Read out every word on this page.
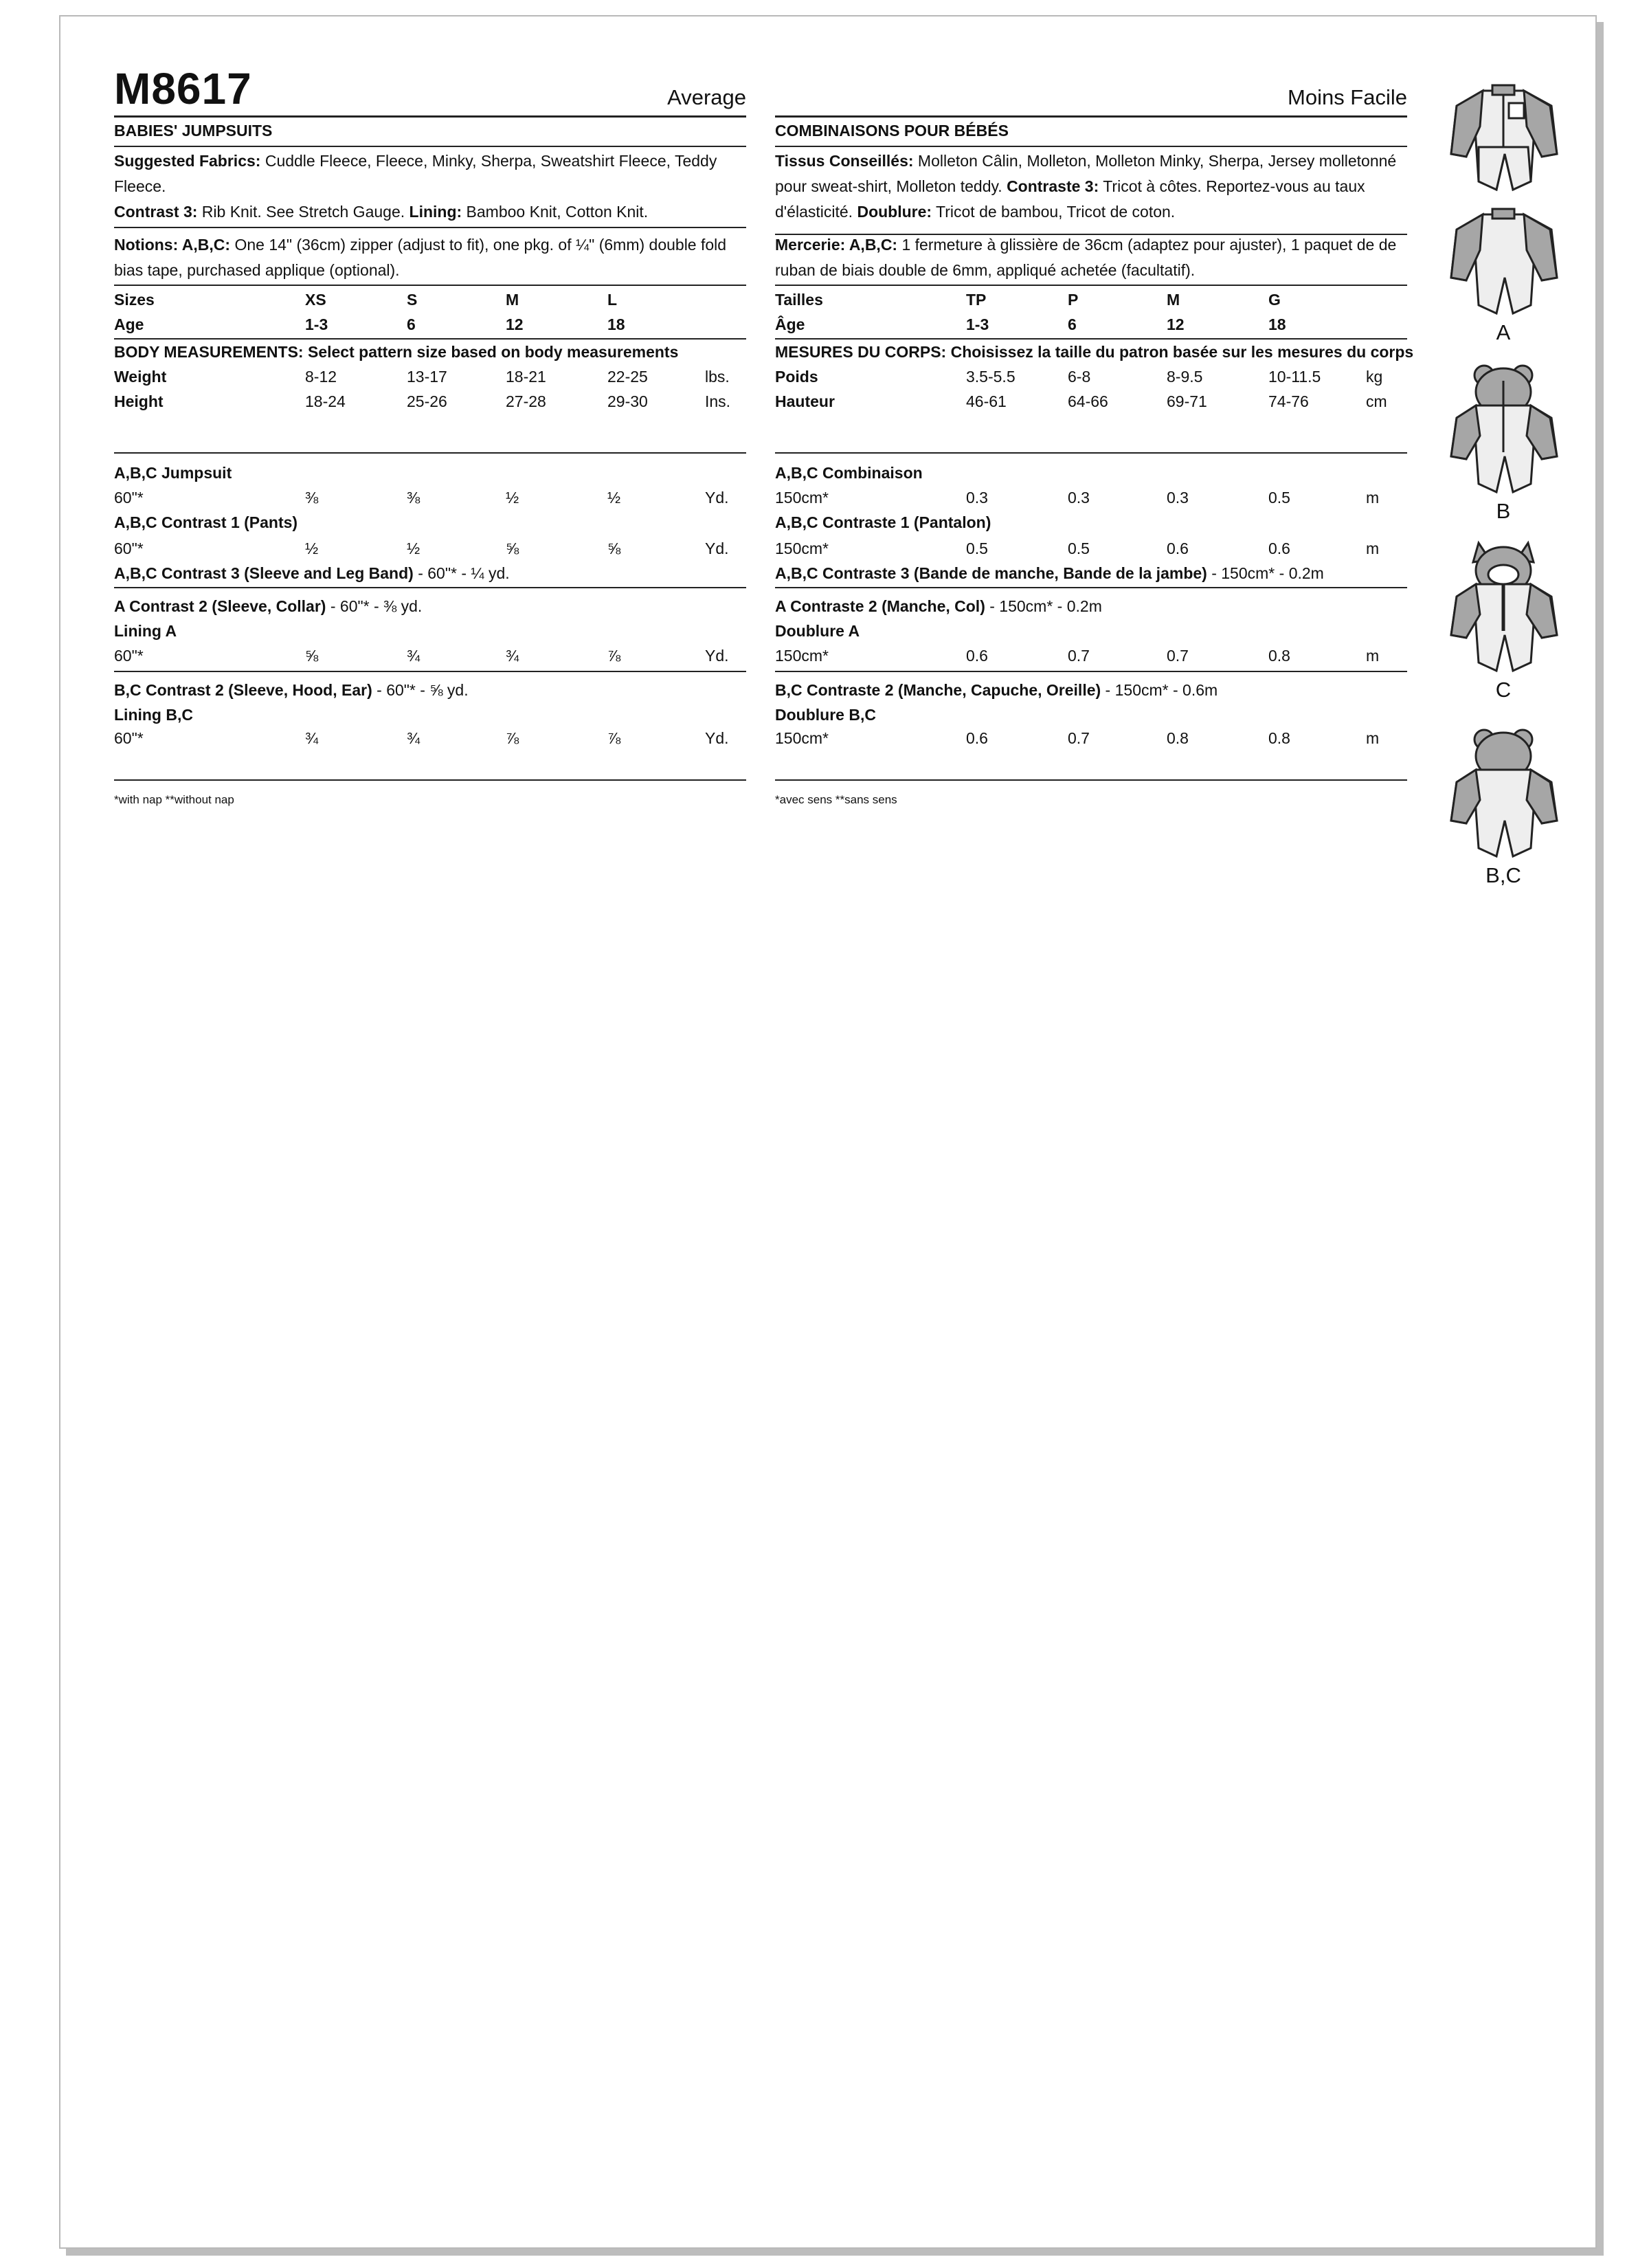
M8617	Average
BABIES' JUMPSUITS
Suggested Fabrics: Cuddle Fleece, Fleece, Minky, Sherpa, Sweatshirt Fleece, Teddy Fleece.
Contrast 3: Rib Knit. See Stretch Gauge. Lining: Bamboo Knit, Cotton Knit.
Notions: A,B,C: One 14" (36cm) zipper (adjust to fit), one pkg. of ¼" (6mm) double fold bias tape, purchased applique (optional).
Sizes	XS	S	M	L
Age	1-3	6	12	18
BODY MEASUREMENTS: Select pattern size based on body measurements
Weight	8-12	13-17	18-21	22-25	lbs.
Height	18-24	25-26	27-28	29-30	Ins.
A,B,C Jumpsuit
60"*	⅜	⅜	½	½	Yd.
A,B,C Contrast 1 (Pants)
60"*	½	½	⅝	⅝	Yd.
A,B,C Contrast 3 (Sleeve and Leg Band) - 60"* - ¼ yd.
A Contrast 2 (Sleeve, Collar) - 60"* - ⅜ yd.
Lining A
60"*	⅝	¾	¾	⅞	Yd.
B,C Contrast 2 (Sleeve, Hood, Ear) - 60"* - ⅝ yd.
Lining B,C
60"*	¾	¾	⅞	⅞	Yd.
*with nap **without nap
Moins Facile
COMBINAISONS POUR BÉBÉS
Tissus Conseillés: Molleton Câlin, Molleton, Molleton Minky, Sherpa, Jersey molletonné pour sweat-shirt, Molleton teddy. Contraste 3: Tricot à côtes. Reportez-vous au taux d'élasticité. Doublure: Tricot de bambou, Tricot de coton.
Mercerie: A,B,C: 1 fermeture à glissière de 36cm (adaptez pour ajuster), 1 paquet de de ruban de biais double de 6mm, appliqué achetée (facultatif).
Tailles	TP	P	M	G
Âge	1-3	6	12	18
MESURES DU CORPS: Choisissez la taille du patron basée sur les mesures du corps
Poids	3.5-5.5	6-8	8-9.5	10-11.5	kg
Hauteur	46-61	64-66	69-71	74-76	cm
A,B,C Combinaison
150cm*	0.3	0.3	0.3	0.5	m
A,B,C Contraste 1 (Pantalon)
150cm*	0.5	0.5	0.6	0.6	m
A,B,C Contraste 3 (Bande de manche, Bande de la jambe) - 150cm* - 0.2m
A Contraste 2 (Manche, Col) - 150cm* - 0.2m
Doublure A
150cm*	0.6	0.7	0.7	0.8	m
B,C Contraste 2 (Manche, Capuche, Oreille) - 150cm* - 0.6m
Doublure B,C
150cm*	0.6	0.7	0.8	0.8	m
*avec sens **sans sens
A
B
C
B,C
